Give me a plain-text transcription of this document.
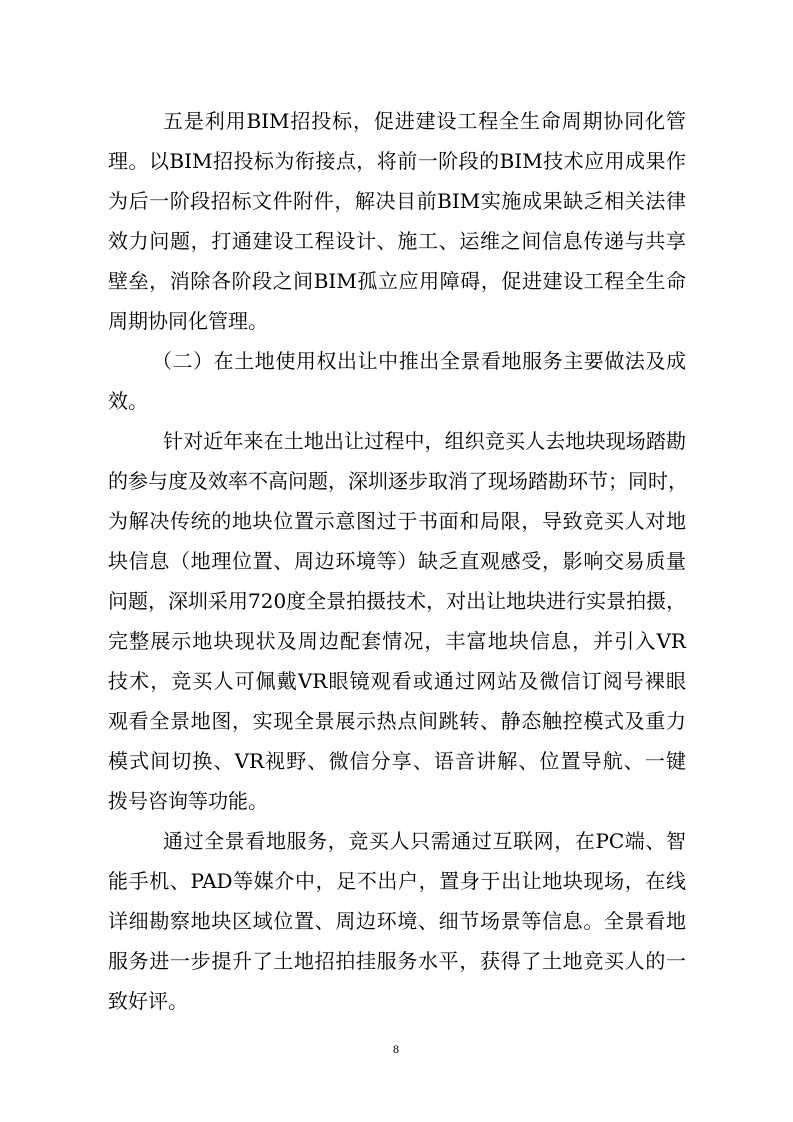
五是利用BIM招投标，促进建设工程全生命周期协同化管
理。以BIM招投标为衔接点，将前一阶段的BIM技术应用成果作
为后一阶段招标文件附件，解决目前BIM实施成果缺乏相关法律
效力问题，打通建设工程设计、施工、运维之间信息传递与共享
壁垒，消除各阶段之间BIM孤立应用障碍，促进建设工程全生命
周期协同化管理。
（二）在土地使用权出让中推出全景看地服务主要做法及成
效。
针对近年来在土地出让过程中，组织竞买人去地块现场踏勘
的参与度及效率不高问题，深圳逐步取消了现场踏勘环节；同时，
为解决传统的地块位置示意图过于书面和局限，导致竞买人对地
块信息（地理位置、周边环境等）缺乏直观感受，影响交易质量
问题，深圳采用720度全景拍摄技术，对出让地块进行实景拍摄，
完整展示地块现状及周边配套情况，丰富地块信息，并引入VR
技术，竞买人可佩戴VR眼镜观看或通过网站及微信订阅号裸眼
观看全景地图，实现全景展示热点间跳转、静态触控模式及重力
模式间切换、VR视野、微信分享、语音讲解、位置导航、一键
拨号咨询等功能。
通过全景看地服务，竞买人只需通过互联网，在PC端、智
能手机、PAD等媒介中，足不出户，置身于出让地块现场，在线
详细勘察地块区域位置、周边环境、细节场景等信息。全景看地
服务进一步提升了土地招拍挂服务水平，获得了土地竞买人的一
致好评。
8
